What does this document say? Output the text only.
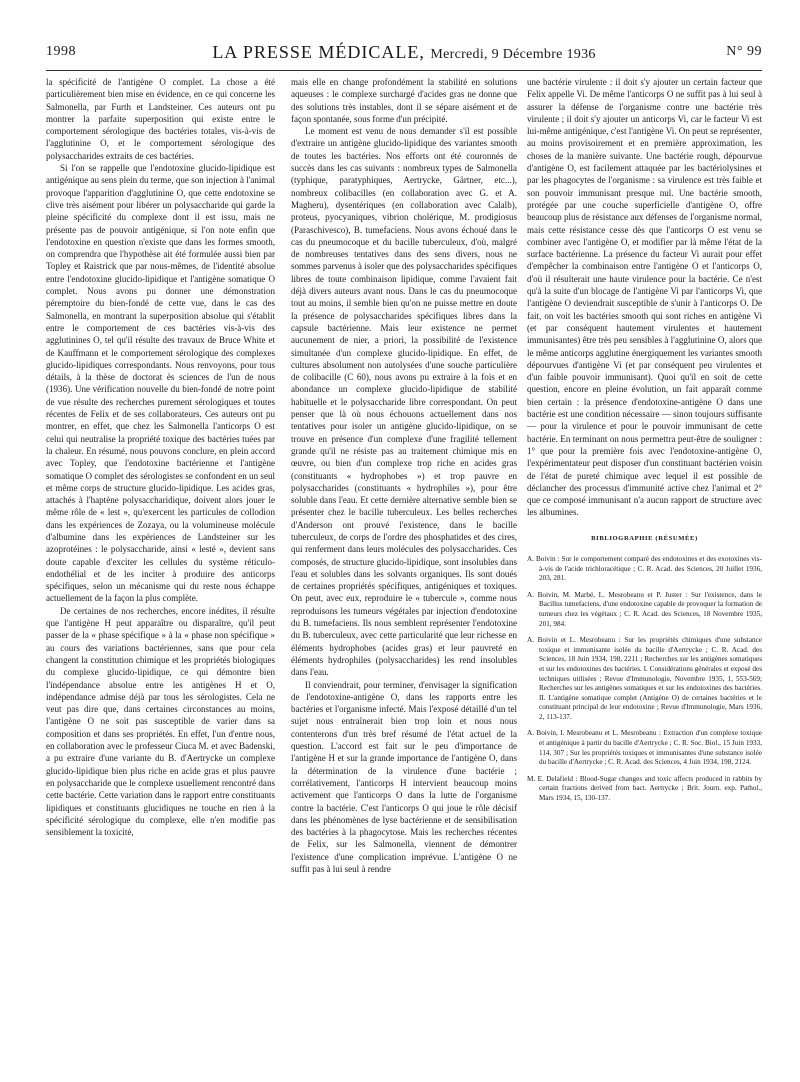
1998	LA PRESSE MÉDICALE, Mercredi, 9 Décembre 1936	N° 99

la spécificité de l'antigène O complet. La chose a été particulièrement bien mise en évidence, en ce qui concerne les Salmonella, par Furth et Landsteiner. Ces auteurs ont pu montrer la parfaite superposition qui existe entre le comportement sérologique des bactéries totales, vis-à-vis de l'agglutinine O, et le comportement sérologique des polysaccharides extraits de ces bactéries.

Si l'on se rappelle que l'endotoxine glucido-lipidique est antigénique au sens plein du terme, que son injection à l'animal provoque l'apparition d'agglutinine O, que cette endotoxine se clive très aisément pour libérer un polysaccharide qui garde la pleine spécificité du complexe dont il est issu, mais ne présente pas de pouvoir antigénique, si l'on note enfin que l'endotoxine en question n'existe que dans les formes smooth, on comprendra que l'hypothèse ait été formulée aussi bien par Topley et Raistrick que par nous-mêmes, de l'identité absolue entre l'endotoxine glucido-lipidique et l'antigène somatique O complet. Nous avons pu donner une démonstration péremptoire du bien-fondé de cette vue, dans le cas des Salmonella, en montrant la superposition absolue qui s'établit entre le comportement de ces bactéries vis-à-vis des agglutinines O, tel qu'il résulte des travaux de Bruce White et de Kauffmann et le comportement sérologique des complexes glucido-lipidiques correspondants. Nous renvoyons, pour tous détails, à la thèse de doctorat ès sciences de l'un de nous (1936). Une vérification nouvelle du bien-fondé de notre point de vue résulte des recherches purement sérologiques et toutes récentes de Felix et de ses collaborateurs. Ces auteurs ont pu montrer, en effet, que chez les Salmonella l'anticorps O est celui qui neutralise la propriété toxique des bactéries tuées par la chaleur. En résumé, nous pouvons conclure, en plein accord avec Topley, que l'endotoxine bactérienne et l'antigène somatique O complet des sérologistes se confondent en un seul et même corps de structure glucido-lipidique. Les acides gras, attachés à l'haptène polysaccharidique, doivent alors jouer le même rôle de « lest », qu'exercent les particules de collodion dans les expériences de Zozaya, ou la volumineuse molécule d'albumine dans les expériences de Landsteiner sur les azoprotéines : le polysaccharide, ainsi « lesté », devient sans doute capable d'exciter les cellules du système réticulo-endothélial et de les inciter à produire des anticorps spécifiques, selon un mécanisme qui du reste nous échappe actuellement de la façon la plus complète.

De certaines de nos recherches, encore inédites, il résulte que l'antigène H peut apparaître ou disparaître, qu'il peut passer de la « phase spécifique » à la « phase non spécifique » au cours des variations bactériennes, sans que pour cela changent la constitution chimique et les propriétés biologiques du complexe glucido-lipidique, ce qui démontre bien l'indépendance absolue entre les antigènes H et O, indépendance admise déjà par tous les sérologistes. Cela ne veut pas dire que, dans certaines circonstances au moins, l'antigène O ne soit pas susceptible de varier dans sa composition et dans ses propriétés. En effet, l'un d'entre nous, en collaboration avec le professeur Ciuca M. et avec Badenski, a pu extraire d'une variante du B. d'Aertrycke un complexe glucido-lipidique bien plus riche en acide gras et plus pauvre en polysaccharide que le complexe usuellement rencontré dans cette bactérie. Cette variation dans le rapport entre constituants lipidiques et constituants glucidiques ne touche en rien à la spécificité sérologique du complexe, elle n'en modifie pas sensiblement la toxicité,

mais elle en change profondément la stabilité en solutions aqueuses : le complexe surchargé d'acides gras ne donne que des solutions très instables, dont il se sépare aisément et de façon spontanée, sous forme d'un précipité.

Le moment est venu de nous demander s'il est possible d'extraire un antigène glucido-lipidique des variantes smooth de toutes les bactéries. Nos efforts ont été couronnés de succès dans les cas suivants : nombreux types de Salmonella (typhique, paratyphiques, Aertrycke, Gärtner, etc...), nombreux colibacilles (en collaboration avec G. et A. Magheru), dysentériques (en collaboration avec Calalb), proteus, pyocyaniques, vibrion cholérique, M. prodigiosus (Paraschivesco), B. tumefaciens. Nous avons échoué dans le cas du pneumocoque et du bacille tuberculeux, d'où, malgré de nombreuses tentatives dans des sens divers, nous ne sommes parvenus à isoler que des polysaccharides spécifiques libres de toute combinaison lipidique, comme l'avaient fait déjà divers auteurs avant nous. Dans le cas du pneumocoque tout au moins, il semble bien qu'on ne puisse mettre en doute la présence de polysaccharides spécifiques libres dans la capsule bactérienne. Mais leur existence ne permet aucunement de nier, a priori, la possibilité de l'existence simultanée d'un complexe glucido-lipidique. En effet, de cultures absolument non autolysées d'une souche particulière de colibacille (C 60), nous avons pu extraire à la fois et en abondance un complexe glucido-lipidique de stabilité habituelle et le polysaccharide libre correspondant. On peut penser que là où nous échouons actuellement dans nos tentatives pour isoler un antigène glucido-lipidique, on se trouve en présence d'un complexe d'une fragilité tellement grande qu'il ne résiste pas au traitement chimique mis en œuvre, ou bien d'un complexe trop riche en acides gras (constituants « hydrophobes ») et trop pauvre en polysaccharides (constituants « hydrophiles »), pour être soluble dans l'eau. Et cette dernière alternative semble bien se présenter chez le bacille tuberculeux. Les belles recherches d'Anderson ont prouvé l'existence, dans le bacille tuberculeux, de corps de l'ordre des phosphatides et des cires, qui renferment dans leurs molécules des polysaccharides. Ces composés, de structure glucido-lipidique, sont insolubles dans l'eau et solubles dans les solvants organiques. Ils sont doués de certaines propriétés spécifiques, antigéniques et toxiques. On peut, avec eux, reproduire le « tubercule », comme nous reproduisons les tumeurs végétales par injection d'endotoxine du B. tumefaciens. Ils nous semblent représenter l'endotoxine du B. tuberculeux, avec cette particularité que leur richesse en éléments hydrophobes (acides gras) et leur pauvreté en éléments hydrophiles (polysaccharides) les rend insolubles dans l'eau.

Il conviendrait, pour terminer, d'envisager la signification de l'endotoxine-antigène O, dans les rapports entre les bactéries et l'organisme infecté. Mais l'exposé détaillé d'un tel sujet nous entraînerait bien trop loin et nous nous contenterons d'un très bref résumé de l'état actuel de la question. L'accord est fait sur le peu d'importance de l'antigène H et sur la grande importance de l'antigène O, dans la détermination de la virulence d'une bactérie ; corrélativement, l'anticorps H intervient beaucoup moins activement que l'anticorps O dans la lutte de l'organisme contre la bactérie. C'est l'anticorps O qui joue le rôle décisif dans les phénomènes de lyse bactérienne et de sensibilisation des bactéries à la phagocytose. Mais les recherches récentes de Felix, sur les Salmonella, viennent de démontrer l'existence d'une complication imprévue. L'antigène O ne suffit pas à lui seul à rendre

une bactérie virulente : il doit s'y ajouter un certain facteur que Felix appelle Vi. De même l'anticorps O ne suffit pas à lui seul à assurer la défense de l'organisme contre une bactérie très virulente ; il doit s'y ajouter un anticorps Vi, car le facteur Vi est lui-même antigénique, c'est l'antigène Vi. On peut se représenter, au moins provisoirement et en première approximation, les choses de la manière suivante. Une bactérie rough, dépourvue d'antigène O, est facilement attaquée par les bactériolysines et par les phagocytes de l'organisme : sa virulence est très faible et son pouvoir immunisant presque nul. Une bactérie smooth, protégée par une couche superficielle d'antigène O, offre beaucoup plus de résistance aux défenses de l'organisme normal, mais cette résistance cesse dès que l'anticorps O est venu se combiner avec l'antigène O, et modifier par là même l'état de la surface bactérienne. La présence du facteur Vi aurait pour effet d'empêcher la combinaison entre l'antigène O et l'anticorps O, d'où il résulterait une haute virulence pour la bactérie. Ce n'est qu'à la suite d'un blocage de l'antigène Vi par l'anticorps Vi, que l'antigène O deviendrait susceptible de s'unir à l'anticorps O. De fait, on voit les bactéries smooth qui sont riches en antigène Vi (et par conséquent hautement virulentes et hautement immunisantes) être très peu sensibles à l'agglutinine O, alors que le même anticorps agglutine énergiquement les variantes smooth dépourvues d'antigène Vi (et par conséquent peu virulentes et d'un faible pouvoir immunisant). Quoi qu'il en soit de cette question, encore en pleine évolution, un fait apparaît comme bien certain : la présence d'endotoxine-antigène O dans une bactérie est une condition nécessaire — sinon toujours suffisante — pour la virulence et pour le pouvoir immunisant de cette bactérie. En terminant on nous permettra peut-être de souligner : 1° que pour la première fois avec l'endotoxine-antigène O, l'expérimentateur peut disposer d'un constituant bactérien voisin de l'état de pureté chimique avec lequel il est possible de déclancher des processus d'immunité active chez l'animal et 2° que ce composé immunisant n'a aucun rapport de structure avec les albumines.

BIBLIOGRAPHIE (RÉSUMÉE)

A. Boivin : Sur le comportement comparé des endotoxines et des exotoxines vis-à-vis de l'acide trichloracétique ; C. R. Acad. des Sciences, 20 Juillet 1936, 203, 281.

A. Boivin, M. Marbé, L. Mesrobeanu et P. Juster : Sur l'existence, dans le Bacillus tumefaciens, d'une endotoxine capable de provoquer la formation de tumeurs chez les végétaux ; C. R. Acad. des Sciences, 18 Novembre 1935, 201, 984.

A. Boivin et L. Mesrobeanu : Sur les propriétés chimiques d'une substance toxique et immunisante isolée du bacille d'Aertrycke ; C. R. Acad. des Sciences, 18 Juin 1934, 198, 2211 ; Recherches sur les antigènes somatiques et sur les endotoxines des bactéries. I. Considérations générales et exposé des techniques utilisées ; Revue d'Immunologie, Novembre 1935, 1, 553-569; Recherches sur les antigènes somatiques et sur les endotoxines des bactéries. II. L'antigène somatique complet (Antigène O) de certaines bactéries et le constituant principal de leur endotoxine ; Revue d'Immunologie, Mars 1936, 2, 113-137.

A. Boivin, I. Mesrobeanu et L. Mesrobeanu : Extraction d'un complexe toxique et antigénique à partir du bacille d'Aertrycke ; C. R. Soc. Biol., 15 Juin 1933, 114, 307 ; Sur les propriétés toxiques et immunisantes d'une substance isolée du bacille d'Aertrycke ; C. R. Acad. des Sciences, 4 Juin 1934, 198, 2124.

M. E. Delafield : Blood-Sugar changes and toxic affects produced in rabbits by certain fractions derived from bact. Aertrycke ; Brit. Journ. exp. Pathol., Mars 1934, 15, 130-137.
